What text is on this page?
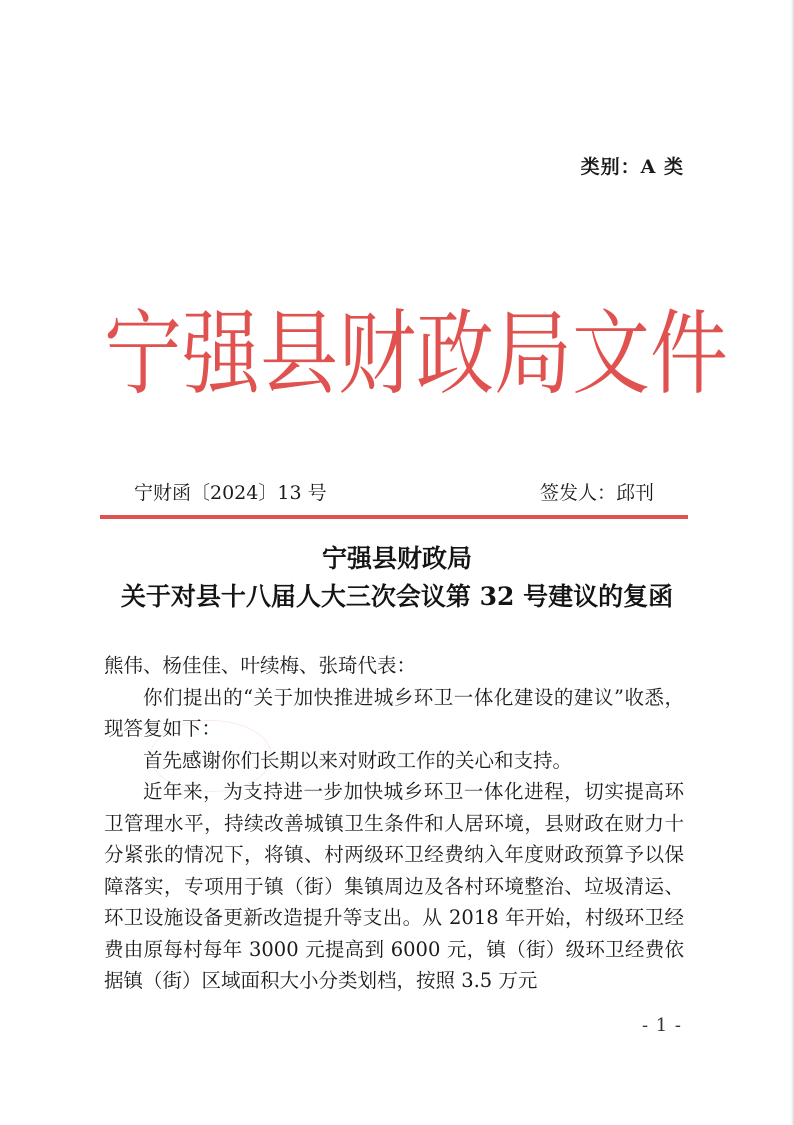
类别：A 类
宁强县财政局文件
宁财函〔2024〕13 号	签发人：邱刊
宁强县财政局
关于对县十八届人大三次会议第 32 号建议的复函

熊伟、杨佳佳、叶续梅、张琦代表：

你们提出的“关于加快推进城乡环卫一体化建设的建议”收悉，现答复如下：

首先感谢你们长期以来对财政工作的关心和支持。

近年来，为支持进一步加快城乡环卫一体化进程，切实提高环卫管理水平，持续改善城镇卫生条件和人居环境，县财政在财力十分紧张的情况下，将镇、村两级环卫经费纳入年度财政预算予以保障落实，专项用于镇（街）集镇周边及各村环境整治、垃圾清运、环卫设施设备更新改造提升等支出。从 2018 年开始，村级环卫经费由原每村每年 3000 元提高到 6000 元，镇（街）级环卫经费依据镇（街）区域面积大小分类划档，按照 3.5 万元

- 1 -
